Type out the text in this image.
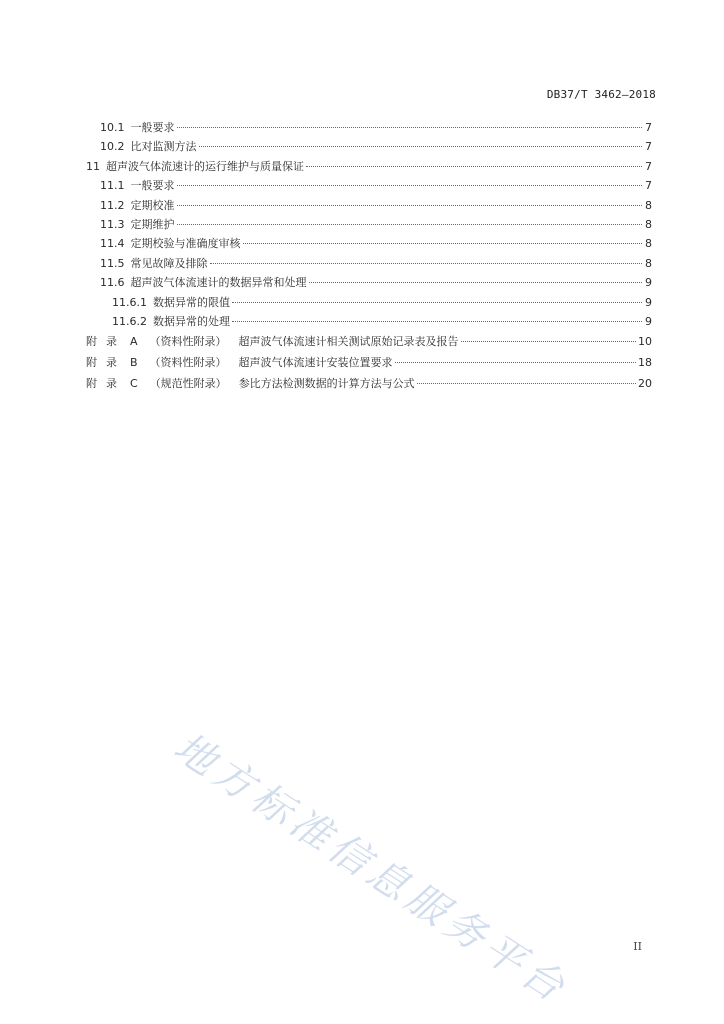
DB37/T 3462—2018
10.1 一般要求	7
10.2 比对监测方法	7
11 超声波气体流速计的运行维护与质量保证	7
11.1 一般要求	7
11.2 定期校准	8
11.3 定期维护	8
11.4 定期校验与准确度审核	8
11.5 常见故障及排除	8
11.6 超声波气体流速计的数据异常和处理	9
11.6.1 数据异常的限值	9
11.6.2 数据异常的处理	9
附录 A （资料性附录） 超声波气体流速计相关测试原始记录表及报告	10
附录 B （资料性附录） 超声波气体流速计安装位置要求	18
附录 C （规范性附录） 参比方法检测数据的计算方法与公式	20
地方标准信息服务平台	II
